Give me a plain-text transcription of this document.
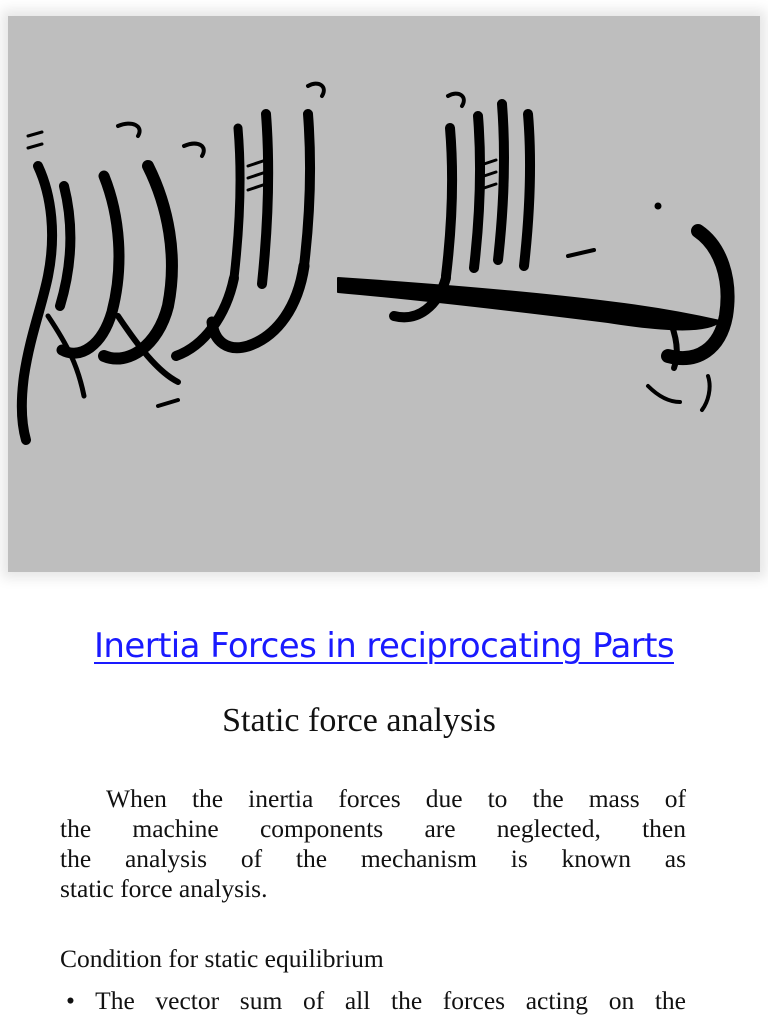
Inertia Forces in reciprocating Parts
Static force analysis
When the inertia forces due to the mass of
the machine components are neglected, then
the analysis of the mechanism is known as
static force analysis.
Condition for static equilibrium
• The vector sum of all the forces acting on the
